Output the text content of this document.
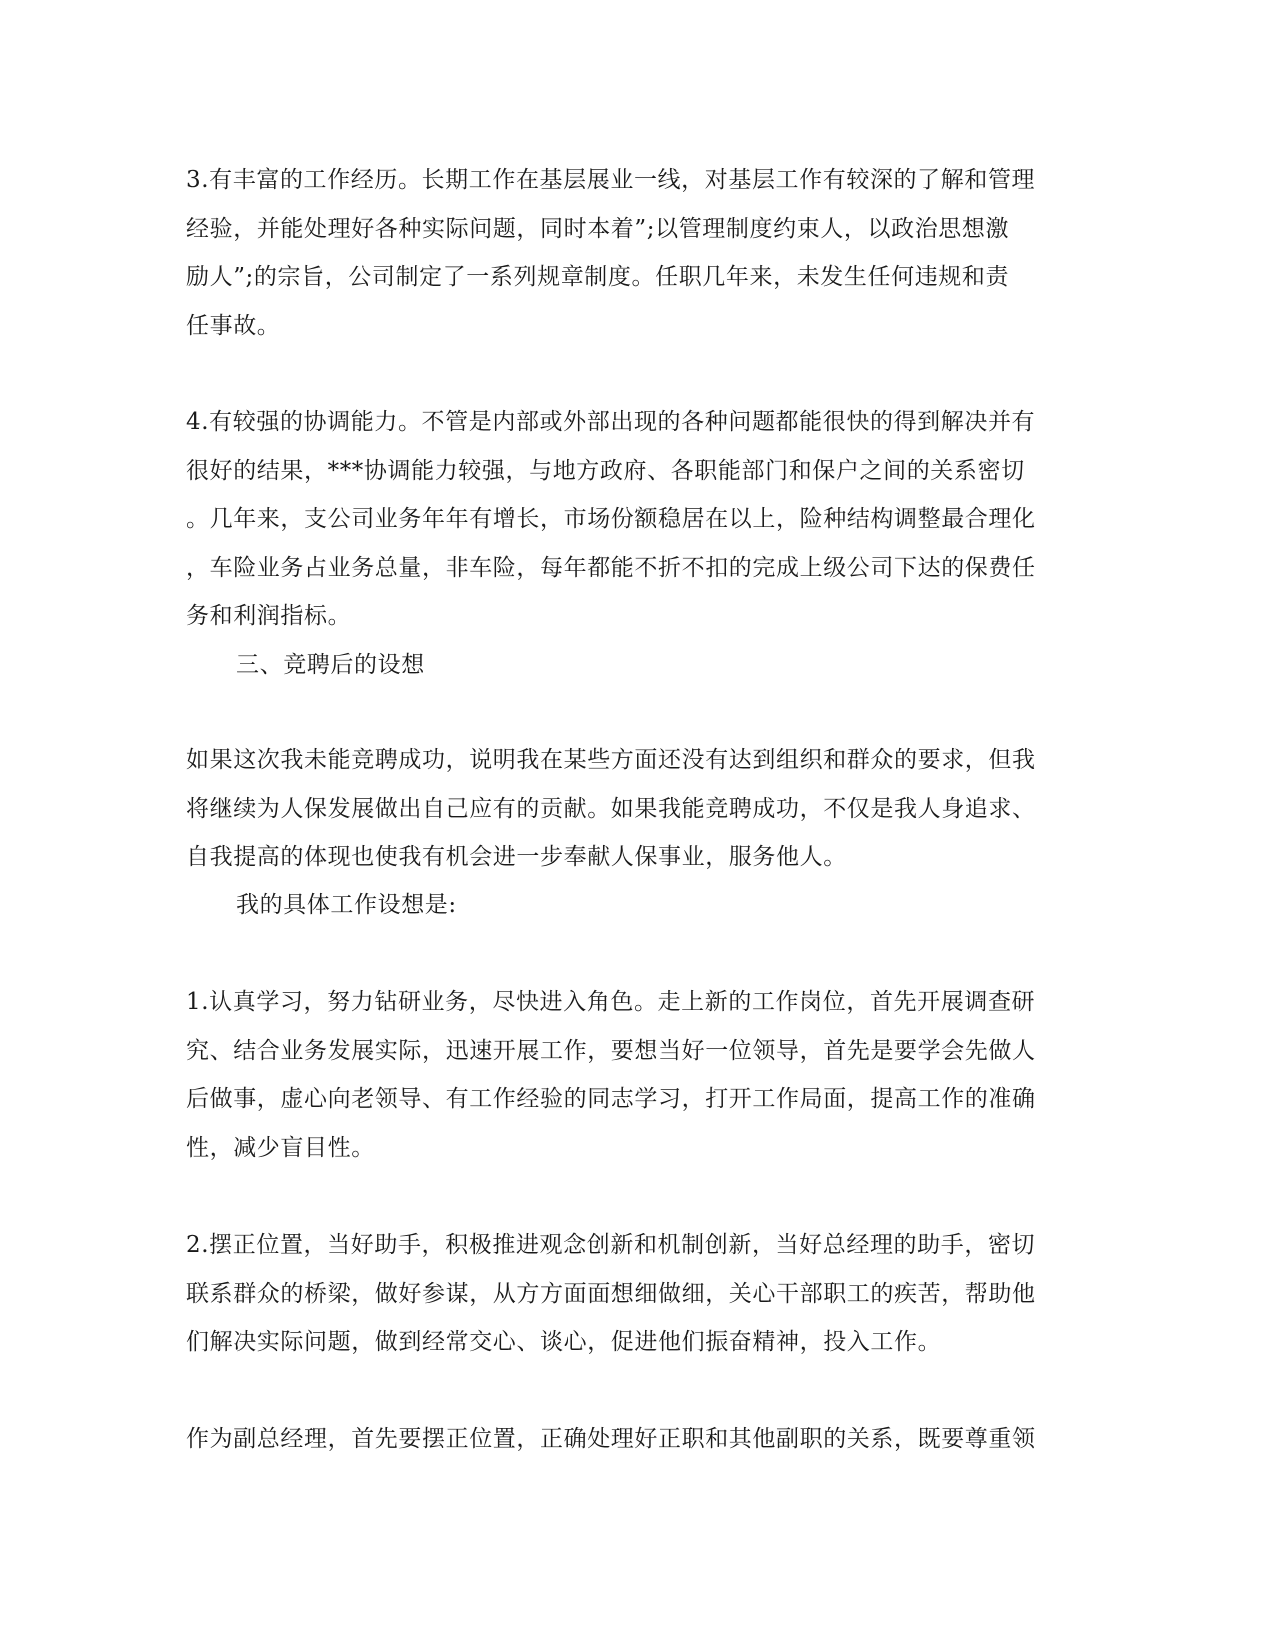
3.有丰富的工作经历。长期工作在基层展业一线，对基层工作有较深的了解和管理
经验，并能处理好各种实际问题，同时本着”;以管理制度约束人，以政治思想激
励人”;的宗旨，公司制定了一系列规章制度。任职几年来，未发生任何违规和责
任事故。

4.有较强的协调能力。不管是内部或外部出现的各种问题都能很快的得到解决并有
很好的结果，***协调能力较强，与地方政府、各职能部门和保户之间的关系密切
。几年来，支公司业务年年有增长，市场份额稳居在以上，险种结构调整最合理化
，车险业务占业务总量，非车险，每年都能不折不扣的完成上级公司下达的保费任
务和利润指标。

三、竞聘后的设想

如果这次我未能竞聘成功，说明我在某些方面还没有达到组织和群众的要求，但我
将继续为人保发展做出自己应有的贡献。如果我能竞聘成功，不仅是我人身追求、
自我提高的体现也使我有机会进一步奉献人保事业，服务他人。

我的具体工作设想是:

1.认真学习，努力钻研业务，尽快进入角色。走上新的工作岗位，首先开展调查研
究、结合业务发展实际，迅速开展工作，要想当好一位领导，首先是要学会先做人
后做事，虚心向老领导、有工作经验的同志学习，打开工作局面，提高工作的准确
性，减少盲目性。

2.摆正位置，当好助手，积极推进观念创新和机制创新，当好总经理的助手，密切
联系群众的桥梁，做好参谋，从方方面面想细做细，关心干部职工的疾苦，帮助他
们解决实际问题，做到经常交心、谈心，促进他们振奋精神，投入工作。

作为副总经理，首先要摆正位置，正确处理好正职和其他副职的关系，既要尊重领
